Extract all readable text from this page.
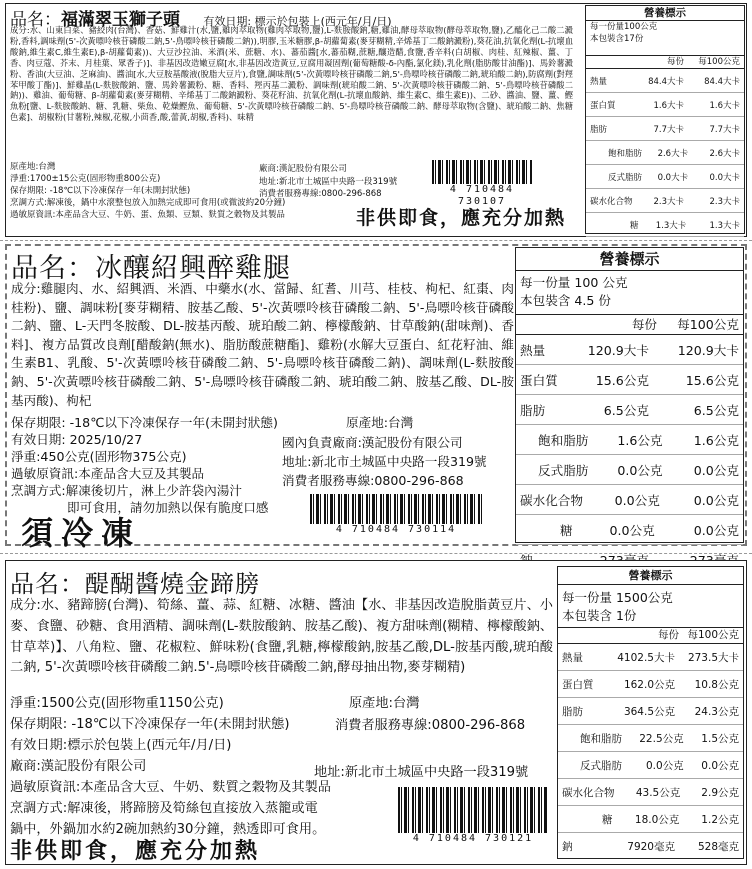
品名：福滿翠玉獅子頭 有效日期: 標示於包裝上(西元年/月/日)
成分:水、山東白菜、豬絞肉(台灣)、香菇、鮮雞汁(水,鹽,雞肉萃取物(雞肉萃取物,鹽),L-麩胺酸鈉,糖,雞油,酵母萃取物(酵母萃取物,鹽),乙醯化己二酸二澱粉,香料,調味劑(5'-次黃嘌呤核苷磷酸二鈉,5'-鳥嘌呤核苷磷酸二鈉)),明膠,玉米糖膠,β-胡蘿蔔素(麥芽糊精,辛烯基丁二酸鈉澱粉),葵花油,抗氧化劑(L-抗壞血酸鈉,維生素C,維生素E),β-胡蘿蔔素))、大豆沙拉油、米酒(米、蔗糖、水)、蕃茄醬[水,蕃茄糊,蔗糖,釀造醋,食鹽,香辛料(白胡椒、肉桂、紅辣椒、薑、丁香、肉豆蔻、芥末、月桂葉、眾香子)]、非基因改造嫩豆腐[水,非基因改造黃豆,豆腐用凝固劑(葡萄糖酸-δ-內酯,氯化鎂),乳化劑(脂肪酸甘油酯)]、馬鈴薯澱粉、香油(大豆油、芝麻油)、醬油[水,大豆胺基酸液(脫脂大豆片),食鹽,調味劑(5'-次黃嘌呤核苷磷酸二鈉,5'-鳥嘌呤核苷磷酸二鈉,琥珀酸二鈉),防腐劑(對羥苯甲酸丁酯)]、鮮雞晶(L-麩胺酸鈉、鹽、馬鈴薯澱粉、糖、香料、羥丙基二澱粉、調味劑(琥珀酸二鈉、5'-次黃嘌呤核苷磷酸二鈉、5'-鳥嘌呤核苷磷酸二鈉))、雞油、葡萄糖、β-胡蘿蔔素(麥芽糊精、辛烯基丁二酸鈉澱粉、葵花籽油、抗氧化劑(L-抗壞血酸鈉、維生素C、維生素E))、二砂、醬油、鹽、薑、鰹魚粉[鹽、L-麩胺酸鈉、糖、乳糖、柴魚、乾燥鰹魚、葡萄糖、5'-次黃嘌呤核苷磷酸二鈉、5'-鳥嘌呤核苷磷酸二鈉、酵母萃取物(含鹽)、琥珀酸二鈉、焦糖色素]、胡椒粉(甘薯粉,辣椒,花椒,小茴香,酸,蕾黃,胡椒,香料)、味精
原產地:台灣	廠商:漢記股份有限公司
淨重:1700±15公克(固形物重800公克)	地址:新北市土城區中央路一段319號
保存期限: -18℃以下冷凍保存一年(未開封狀態)	消費者服務專線:0800-296-868
烹調方式:解凍後，鍋中水滾整包放入加熱完成即可食用(或微波約20分鐘)
過敏原資訊:本產品含大豆、牛奶、蛋、魚類、豆類、麩質之穀物及其製品	非供即食，應充分加熱
4 710484 730107
營養標示
每一份量100公克
本包裝含17份
每份	每100公克
熱量	84.4大卡	84.4大卡
蛋白質	1.6大卡	1.6大卡
脂肪	7.7大卡	7.7大卡
飽和脂肪	2.6大卡	2.6大卡
反式脂肪	0.0大卡	0.0大卡
碳水化合物	2.3大卡	2.3大卡
糖	1.3大卡	1.3大卡
品名：冰釀紹興醉雞腿
成分:雞腿肉、水、紹興酒、米酒、中藥水(水、當歸、紅耆、川芎、桂枝、枸杞、紅棗、肉桂粉)、鹽、調味粉[麥芽糊精、胺基乙酸、5'-次黃嘌呤核苷磷酸二鈉、5'-鳥嘌呤核苷磷酸二鈉、鹽、L-天門冬胺酸、DL-胺基丙酸、琥珀酸二鈉、檸檬酸鈉、甘草酸鈉(甜味劑)、香料]、複方品質改良劑[醋酸鈉(無水)、脂肪酸蔗糖酯]、雞粉(水解大豆蛋白、紅花籽油、維生素B1、乳酸、5'-次黃嘌呤核苷磷酸二鈉、5'-鳥嘌呤核苷磷酸二鈉)、調味劑(L-麩胺酸鈉、5'-次黃嘌呤核苷磷酸二鈉、5'-鳥嘌呤核苷磷酸二鈉、琥珀酸二鈉、胺基乙酸、DL-胺基丙酸)、枸杞
保存期限: -18℃以下冷凍保存一年(未開封狀態)	原產地:台灣
有效日期: 2025/10/27	國內負責廠商:漢記股份有限公司
淨重:450公克(固形物375公克)	地址:新北市土城區中央路一段319號
過敏原資訊:本產品含大豆及其製品	消費者服務專線:0800-296-868
烹調方式:解凍後切片，淋上少許袋內湯汁
即可食用，請勿加熱以保有脆度口感
須冷凍	4 710484 730114
營養標示
每一份量 100 公克
本包裝含 4.5 份
每份	每100公克
熱量	120.9大卡	120.9大卡
蛋白質	15.6公克	15.6公克
脂肪	6.5公克	6.5公克
飽和脂肪	1.6公克	1.6公克
反式脂肪	0.0公克	0.0公克
碳水化合物	0.0公克	0.0公克
糖	0.0公克	0.0公克
品名：醍醐醬燒金蹄膀
成分:水、豬蹄膀(台灣)、筍絲、薑、蒜、紅糖、冰糖、醬油【水、非基因改造脫脂黃豆片、小麥、食鹽、砂糖、食用酒精、調味劑(L-麩胺酸鈉、胺基乙酸)、複方甜味劑(糊精、檸檬酸鈉、甘草萃)】、八角粒、鹽、花椒粒、鮮味粉(食鹽,乳糖,檸檬酸鈉,胺基乙酸,DL-胺基丙酸,琥珀酸二鈉, 5'-次黃嘌呤核苷磷酸二鈉.5'-鳥嘌呤核苷磷酸二鈉,酵母抽出物,麥芽糊精)
淨重:1500公克(固形物重1150公克)	原產地:台灣
保存期限: -18℃以下冷凍保存一年(未開封狀態)	消費者服務專線:0800-296-868
有效日期:標示於包裝上(西元年/月/日)
廠商:漢記股份有限公司	地址:新北市土城區中央路一段319號
過敏原資訊:本產品含大豆、牛奶、麩質之穀物及其製品
烹調方式:解凍後，將蹄膀及筍絲包直接放入蒸籠或電
鍋中，外鍋加水約2碗加熱約30分鐘，熱透即可食用。
非供即食，應充分加熱
4 710484 730121
營養標示
每一份量 1500公克
本包裝含 1份
每份 每100公克
熱量	4102.5大卡	273.5大卡
蛋白質	162.0公克	10.8公克
脂肪	364.5公克	24.3公克
飽和脂肪	22.5公克	1.5公克
反式脂肪	0.0公克	0.0公克
碳水化合物	43.5公克	2.9公克
糖	18.0公克	1.2公克
鈉	7920毫克	528毫克
